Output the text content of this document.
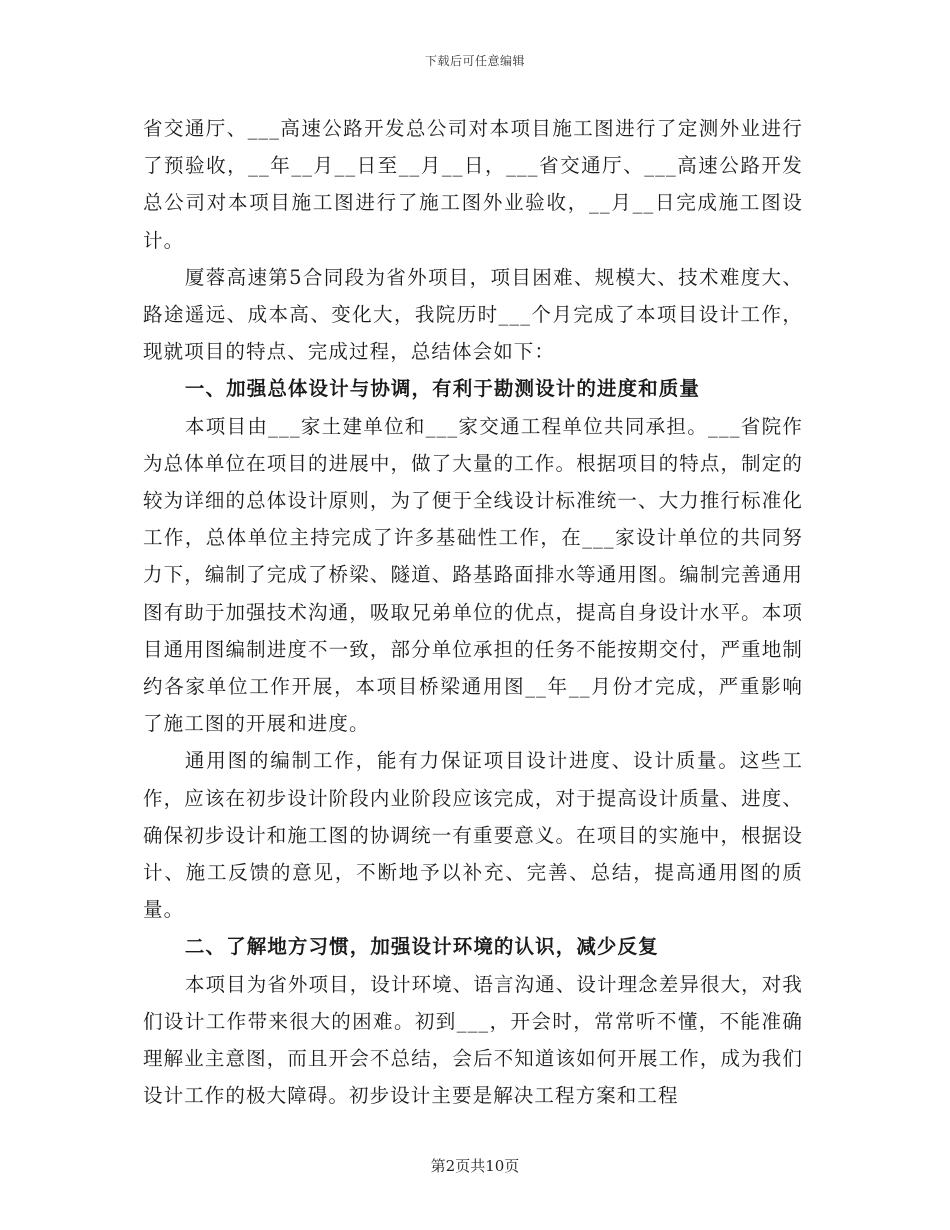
下载后可任意编辑

省交通厅、___高速公路开发总公司对本项目施工图进行了定测外业进行了预验收，__年__月__日至__月__日，___省交通厅、___高速公路开发总公司对本项目施工图进行了施工图外业验收，__月__日完成施工图设计。

厦蓉高速第5合同段为省外项目，项目困难、规模大、技术难度大、路途遥远、成本高、变化大，我院历时___个月完成了本项目设计工作，现就项目的特点、完成过程，总结体会如下：

一、加强总体设计与协调，有利于勘测设计的进度和质量

本项目由___家土建单位和___家交通工程单位共同承担。___省院作为总体单位在项目的进展中，做了大量的工作。根据项目的特点，制定的较为详细的总体设计原则，为了便于全线设计标准统一、大力推行标准化工作，总体单位主持完成了许多基础性工作，在___家设计单位的共同努力下，编制了完成了桥梁、隧道、路基路面排水等通用图。编制完善通用图有助于加强技术沟通，吸取兄弟单位的优点，提高自身设计水平。本项目通用图编制进度不一致，部分单位承担的任务不能按期交付，严重地制约各家单位工作开展，本项目桥梁通用图__年__月份才完成，严重影响了施工图的开展和进度。

通用图的编制工作，能有力保证项目设计进度、设计质量。这些工作，应该在初步设计阶段内业阶段应该完成，对于提高设计质量、进度、确保初步设计和施工图的协调统一有重要意义。在项目的实施中，根据设计、施工反馈的意见，不断地予以补充、完善、总结，提高通用图的质量。

二、了解地方习惯，加强设计环境的认识，减少反复

本项目为省外项目，设计环境、语言沟通、设计理念差异很大，对我们设计工作带来很大的困难。初到___，开会时，常常听不懂，不能准确理解业主意图，而且开会不总结，会后不知道该如何开展工作，成为我们设计工作的极大障碍。初步设计主要是解决工程方案和工程

第2页共10页
